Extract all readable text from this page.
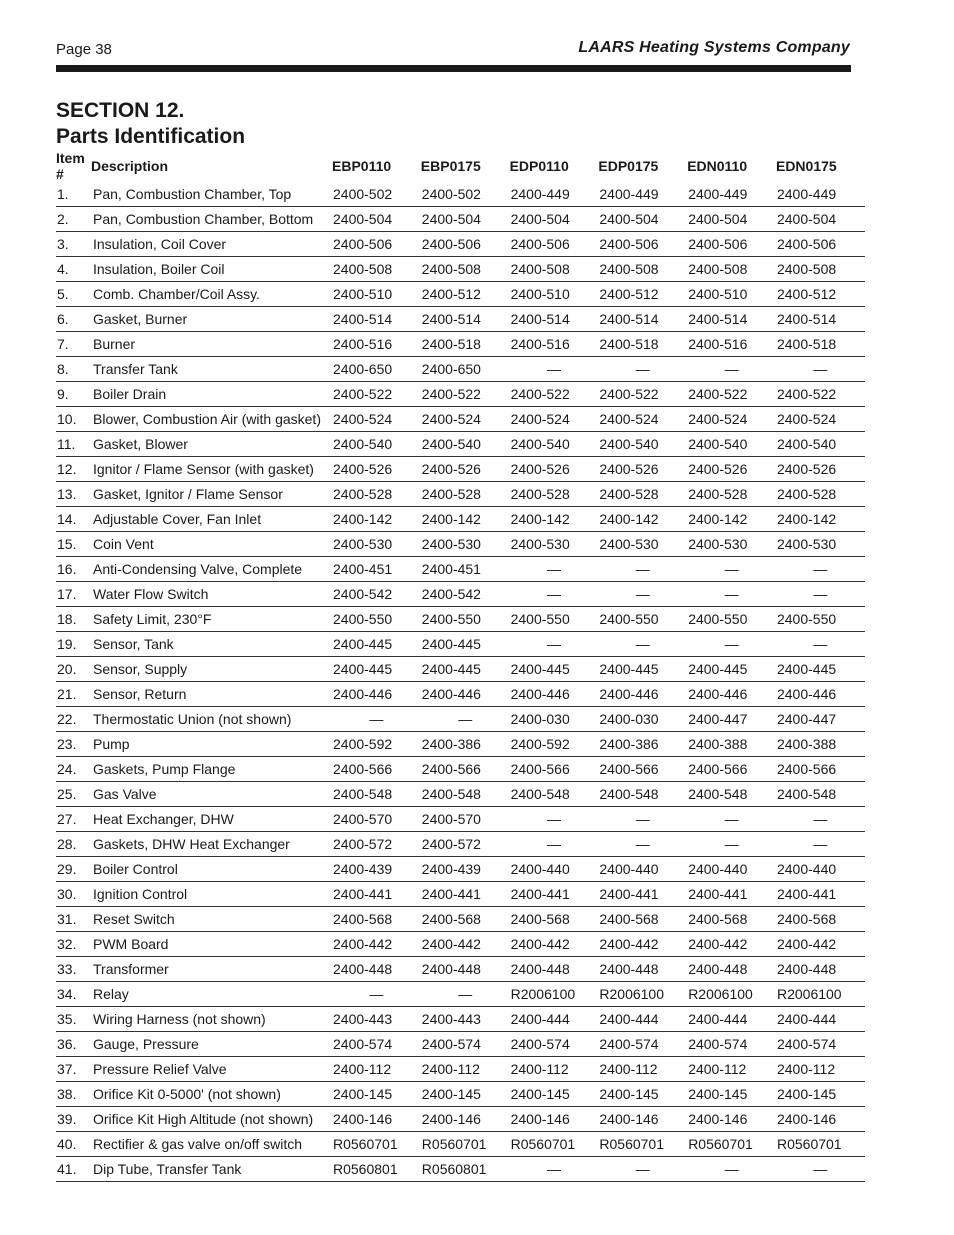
Page 38	LAARS Heating Systems Company
SECTION 12.
Parts Identification
Item #	Description	EBP0110	EBP0175	EDP0110	EDP0175	EDN0110	EDN0175
1.	Pan, Combustion Chamber, Top	2400-502	2400-502	2400-449	2400-449	2400-449	2400-449
2.	Pan, Combustion Chamber, Bottom	2400-504	2400-504	2400-504	2400-504	2400-504	2400-504
3.	Insulation, Coil Cover	2400-506	2400-506	2400-506	2400-506	2400-506	2400-506
4.	Insulation, Boiler Coil	2400-508	2400-508	2400-508	2400-508	2400-508	2400-508
5.	Comb. Chamber/Coil Assy.	2400-510	2400-512	2400-510	2400-512	2400-510	2400-512
6.	Gasket, Burner	2400-514	2400-514	2400-514	2400-514	2400-514	2400-514
7.	Burner	2400-516	2400-518	2400-516	2400-518	2400-516	2400-518
8.	Transfer Tank	2400-650	2400-650	—	—	—	—
9.	Boiler Drain	2400-522	2400-522	2400-522	2400-522	2400-522	2400-522
10.	Blower, Combustion Air (with gasket)	2400-524	2400-524	2400-524	2400-524	2400-524	2400-524
11.	Gasket, Blower	2400-540	2400-540	2400-540	2400-540	2400-540	2400-540
12.	Ignitor / Flame Sensor (with gasket)	2400-526	2400-526	2400-526	2400-526	2400-526	2400-526
13.	Gasket, Ignitor / Flame Sensor	2400-528	2400-528	2400-528	2400-528	2400-528	2400-528
14.	Adjustable Cover, Fan Inlet	2400-142	2400-142	2400-142	2400-142	2400-142	2400-142
15.	Coin Vent	2400-530	2400-530	2400-530	2400-530	2400-530	2400-530
16.	Anti-Condensing Valve, Complete	2400-451	2400-451	—	—	—	—
17.	Water Flow Switch	2400-542	2400-542	—	—	—	—
18.	Safety Limit, 230°F	2400-550	2400-550	2400-550	2400-550	2400-550	2400-550
19.	Sensor, Tank	2400-445	2400-445	—	—	—	—
20.	Sensor, Supply	2400-445	2400-445	2400-445	2400-445	2400-445	2400-445
21.	Sensor, Return	2400-446	2400-446	2400-446	2400-446	2400-446	2400-446
22.	Thermostatic Union (not shown)	—	—	2400-030	2400-030	2400-447	2400-447
23.	Pump	2400-592	2400-386	2400-592	2400-386	2400-388	2400-388
24.	Gaskets, Pump Flange	2400-566	2400-566	2400-566	2400-566	2400-566	2400-566
25.	Gas Valve	2400-548	2400-548	2400-548	2400-548	2400-548	2400-548
27.	Heat Exchanger, DHW	2400-570	2400-570	—	—	—	—
28.	Gaskets, DHW Heat Exchanger	2400-572	2400-572	—	—	—	—
29.	Boiler Control	2400-439	2400-439	2400-440	2400-440	2400-440	2400-440
30.	Ignition Control	2400-441	2400-441	2400-441	2400-441	2400-441	2400-441
31.	Reset Switch	2400-568	2400-568	2400-568	2400-568	2400-568	2400-568
32.	PWM Board	2400-442	2400-442	2400-442	2400-442	2400-442	2400-442
33.	Transformer	2400-448	2400-448	2400-448	2400-448	2400-448	2400-448
34.	Relay	—	—	R2006100	R2006100	R2006100	R2006100
35.	Wiring Harness (not shown)	2400-443	2400-443	2400-444	2400-444	2400-444	2400-444
36.	Gauge, Pressure	2400-574	2400-574	2400-574	2400-574	2400-574	2400-574
37.	Pressure Relief Valve	2400-112	2400-112	2400-112	2400-112	2400-112	2400-112
38.	Orifice Kit 0-5000' (not shown)	2400-145	2400-145	2400-145	2400-145	2400-145	2400-145
39.	Orifice Kit High Altitude (not shown)	2400-146	2400-146	2400-146	2400-146	2400-146	2400-146
40.	Rectifier & gas valve on/off switch	R0560701	R0560701	R0560701	R0560701	R0560701	R0560701
41.	Dip Tube, Transfer Tank	R0560801	R0560801	—	—	—	—
